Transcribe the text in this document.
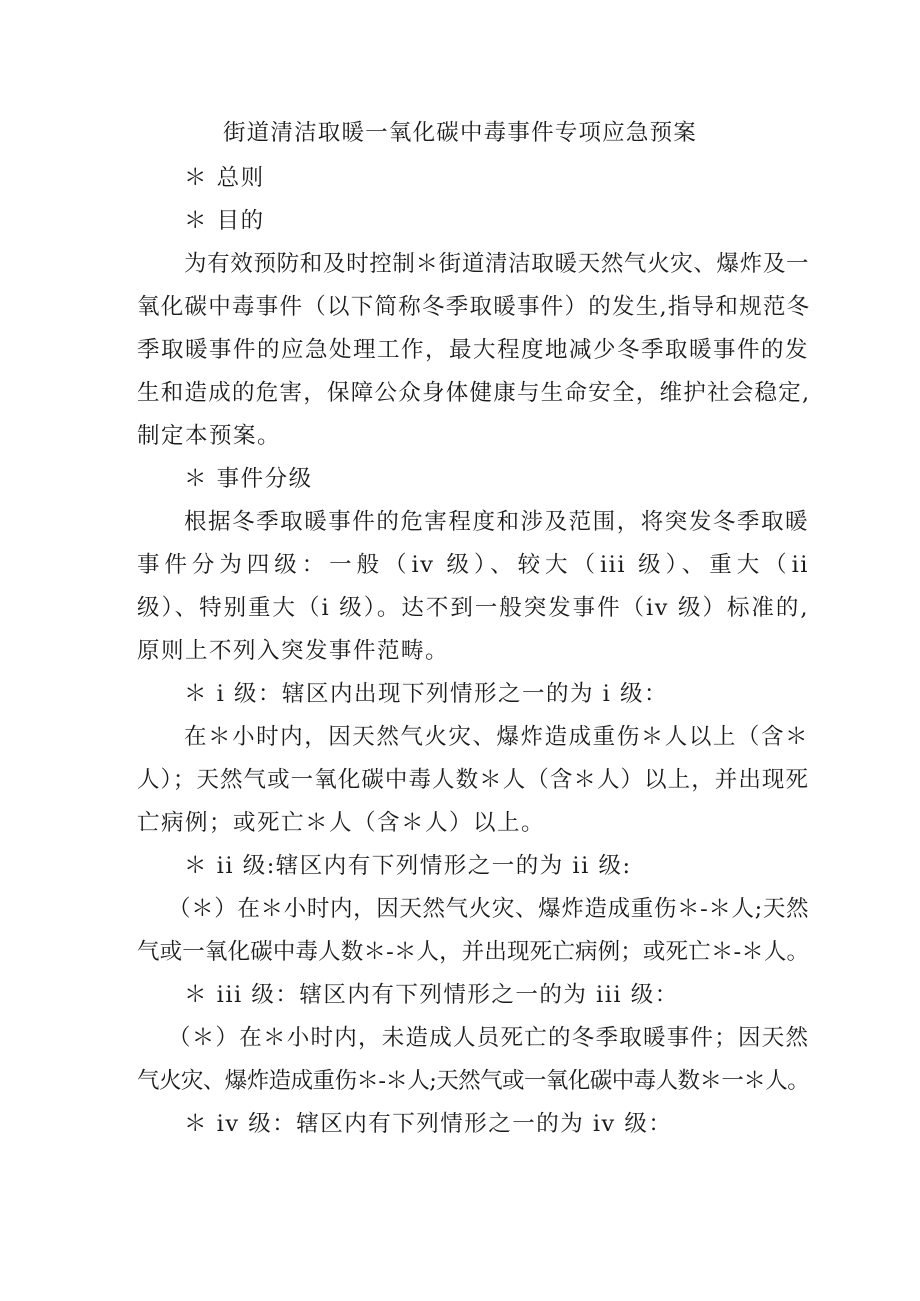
街道清洁取暖一氧化碳中毒事件专项应急预案
＊ 总则
＊ 目的
为有效预防和及时控制＊街道清洁取暖天然气火灾、爆炸及一
氧化碳中毒事件（以下简称冬季取暖事件）的发生,指导和规范冬
季取暖事件的应急处理工作，最大程度地减少冬季取暖事件的发
生和造成的危害，保障公众身体健康与生命安全，维护社会稳定,
制定本预案。
＊ 事件分级
根据冬季取暖事件的危害程度和涉及范围，将突发冬季取暖
事件分为四级：一般（iv 级）、较大（iii 级）、重大（ii
级）、特别重大（i 级）。达不到一般突发事件（iv 级）标准的,
原则上不列入突发事件范畴。
＊ i 级：辖区内出现下列情形之一的为 i 级：
在＊小时内，因天然气火灾、爆炸造成重伤＊人以上（含＊
人）；天然气或一氧化碳中毒人数＊人（含＊人）以上，并出现死
亡病例；或死亡＊人（含＊人）以上。
＊ ii 级:辖区内有下列情形之一的为 ii 级:
（＊）在＊小时内，因天然气火灾、爆炸造成重伤＊-＊人;天然
气或一氧化碳中毒人数＊-＊人，并出现死亡病例；或死亡＊-＊人。
＊ iii 级：辖区内有下列情形之一的为 iii 级：
（＊）在＊小时内，未造成人员死亡的冬季取暖事件；因天然
气火灾、爆炸造成重伤＊-＊人;天然气或一氧化碳中毒人数＊一＊人。
＊ iv 级：辖区内有下列情形之一的为 iv 级：
